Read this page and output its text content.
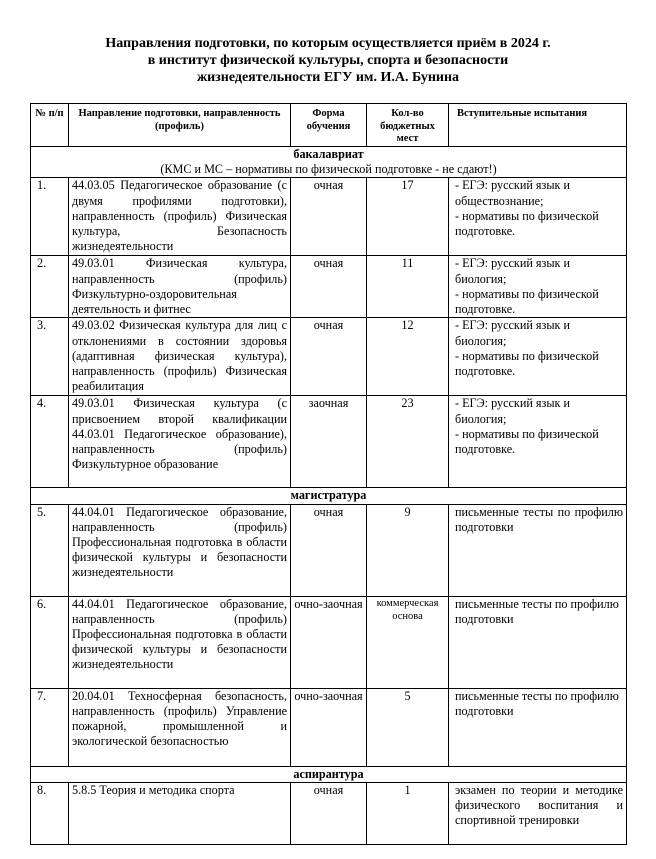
Направления подготовки, по которым осуществляется приём в 2024 г.
в институт физической культуры, спорта и безопасности
жизнедеятельности ЕГУ им. И.А. Бунина
№ п/п	Направление подготовки, направленность (профиль)	Форма обучения	Кол-во бюджетных мест	Вступительные испытания

бакалавриат
(КМС и МС – нормативы по физической подготовке - не сдают!)				

1.	44.03.05 Педагогическое образование (с двумя профилями подготовки), направленность (профиль) Физическая культура, Безопасность жизнедеятельности	очная	17	- ЕГЭ: русский язык и обществознание;
- нормативы по физической подготовке.

2.	49.03.01 Физическая культура, направленность (профиль) Физкультурно-оздоровительная деятельность и фитнес	очная	11	- ЕГЭ: русский язык и биология;
- нормативы по физической подготовке.

3.	49.03.02 Физическая культура для лиц с отклонениями в состоянии здоровья (адаптивная физическая культура), направленность (профиль) Физическая реабилитация	очная	12	- ЕГЭ: русский язык и биология;
- нормативы по физической подготовке.

4.	49.03.01 Физическая культура (с присвоением второй квалификации 44.03.01 Педагогическое образование), направленность (профиль) Физкультурное образование	заочная	23	- ЕГЭ: русский язык и биология;
- нормативы по физической подготовке.

магистратура				
5.	44.04.01 Педагогическое образование, направленность (профиль) Профессиональная подготовка в области физической культуры и безопасности жизнедеятельности	очная	9	письменные тесты по профилю подготовки

6.	44.04.01 Педагогическое образование, направленность (профиль) Профессиональная подготовка в области физической культуры и безопасности жизнедеятельности	очно-заочная	коммерческая основа	письменные тесты по профилю подготовки

7.	20.04.01 Техносферная безопасность, направленность (профиль) Управление пожарной, промышленной и экологической безопасностью	очно-заочная	5	письменные тесты по профилю подготовки

аспирантура				
8.	5.8.5 Теория и методика спорта	очная	1	экзамен по теории и методике физического воспитания и спортивной тренировки
